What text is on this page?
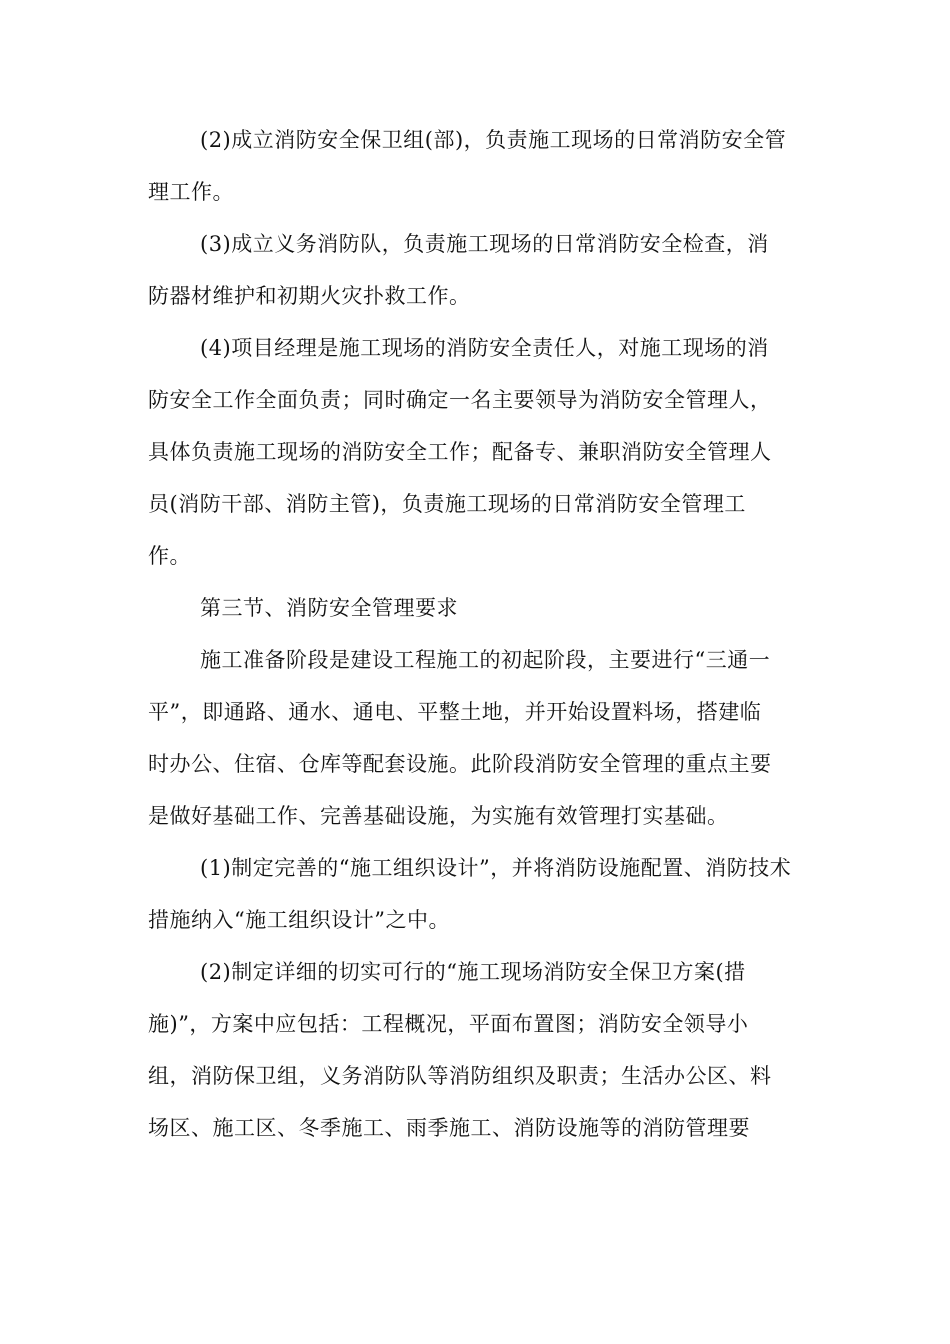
(2)成立消防安全保卫组(部)，负责施工现场的日常消防安全管
理工作。
(3)成立义务消防队，负责施工现场的日常消防安全检查，消
防器材维护和初期火灾扑救工作。
(4)项目经理是施工现场的消防安全责任人，对施工现场的消
防安全工作全面负责；同时确定一名主要领导为消防安全管理人，
具体负责施工现场的消防安全工作；配备专、兼职消防安全管理人
员(消防干部、消防主管)，负责施工现场的日常消防安全管理工
作。
第三节、消防安全管理要求
施工准备阶段是建设工程施工的初起阶段，主要进行“三通一
平”，即通路、通水、通电、平整土地，并开始设置料场，搭建临
时办公、住宿、仓库等配套设施。此阶段消防安全管理的重点主要
是做好基础工作、完善基础设施，为实施有效管理打实基础。
(1)制定完善的“施工组织设计”，并将消防设施配置、消防技术
措施纳入“施工组织设计”之中。
(2)制定详细的切实可行的“施工现场消防安全保卫方案(措
施)”，方案中应包括：工程概况，平面布置图；消防安全领导小
组，消防保卫组，义务消防队等消防组织及职责；生活办公区、料
场区、施工区、冬季施工、雨季施工、消防设施等的消防管理要
